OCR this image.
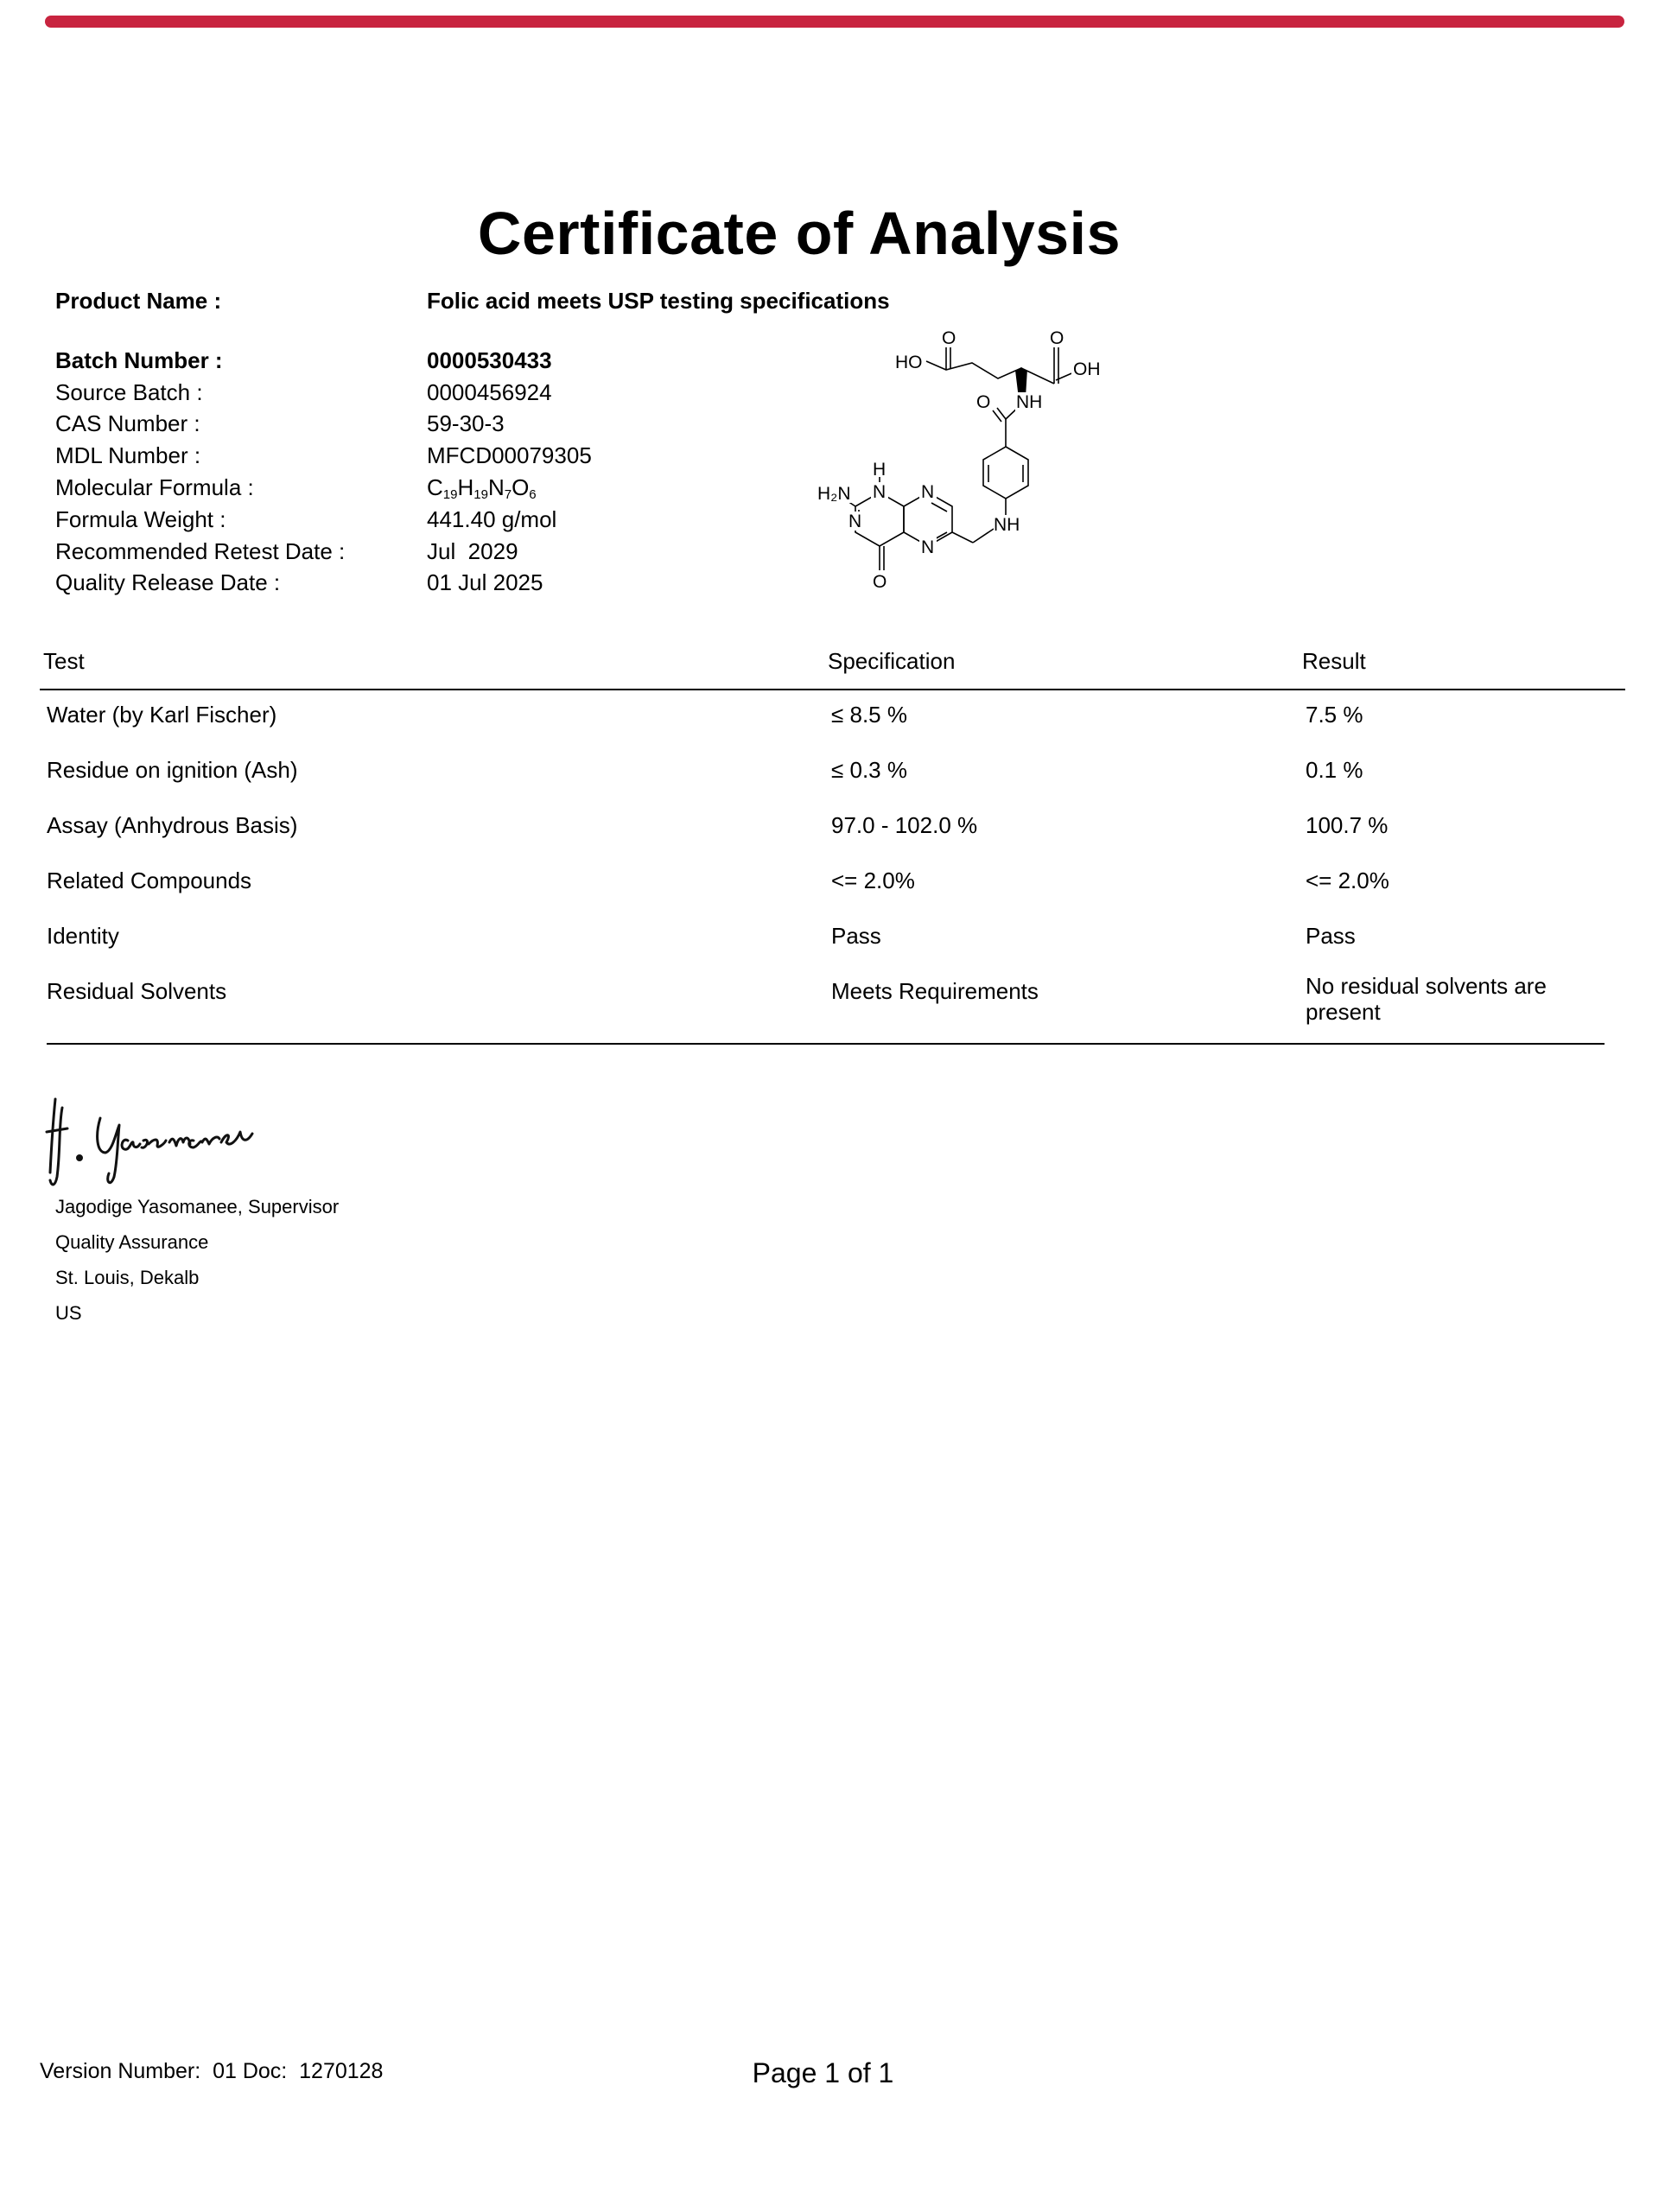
Certificate of Analysis
Product Name :	Folic acid meets USP testing specifications
Batch Number :	0000530433
Source Batch :	0000456924
CAS Number :	59-30-3
MDL Number :	MFCD00079305
Molecular Formula :	$C_{19}H_{19}N_7O_6$
Formula Weight :	441.40 g/mol
Recommended Retest Date :	Jul  2029
Quality Release Date :	01 Jul 2025
O	O
HO	OH
O NH
H
N
H₂N	N
N
N
NH
O
Test	Specification	Result
Water (by Karl Fischer)	≤ 8.5 %	7.5 %
Residue on ignition (Ash)	≤ 0.3 %	0.1 %
Assay (Anhydrous Basis)	97.0 - 102.0 %	100.7 %
Related Compounds	<= 2.0%	<= 2.0%
Identity	Pass	Pass
Residual Solvents	Meets Requirements	No residual solvents are present
Jagodige Yasomanee, Supervisor
Quality Assurance
St. Louis, Dekalb
US
Version Number:  01 Doc:  1270128	Page 1 of 1
